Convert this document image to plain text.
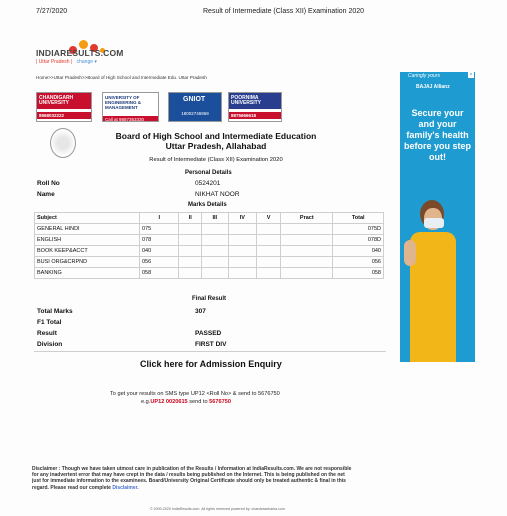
7/27/2020	Result of Intermediate (Class XII) Examination 2020
INDIARESULTS.COM
| Uttar Pradesh | change ▾
Home>>Uttar Pradesh>>Board of High School and Intermediate Edu. Uttar Pradesh
CHANDIGARH UNIVERSITY
8968032222
UNIVERSITY OF ENGINEERING & MANAGEMENT
Call at 9887353330
GNIOT
18002746969
POORNIMA UNIVERSITY
8875666618
Board of High School and Intermediate Education Uttar Pradesh, Allahabad
Result of Intermediate (Class XII) Examination 2020
Personal Details
Roll No	0524201
Name	NIKHAT NOOR
Marks Details
Subject	I	II	III	IV	V	Pract	Total
GENERAL HINDI	075						075D
ENGLISH	078						078D
BOOK KEEP&ACCT	040						040
BUSI ORG&CRPND	056						056
BANKING	058						058
Final Result
Total Marks	307
F1 Total
Result	PASSED
Division	FIRST DIV
Click here for Admission Enquiry
To get your results on SMS type UP12 <Roll No> & send to 5676750
e.g.UP12 0020615 send to 5676750
Disclaimer : Though we have taken utmost care in publication of the Results / Information at IndiaResults.com. We are not responsible for any inadvertent error that may have crept in the data / results being published on the Internet. This is being published on the net just for immediate information to the examinees. Board/University Original Certificate should only be treated authentic & final in this regard. Please read our complete Disclaimer.
© 2000-2020 IndiaResults.com. All rights reserved powered by: chandrasekarka.com
Caringly yours	×
BAJAJ Allianz
Secure your and your family's health before you step out!
